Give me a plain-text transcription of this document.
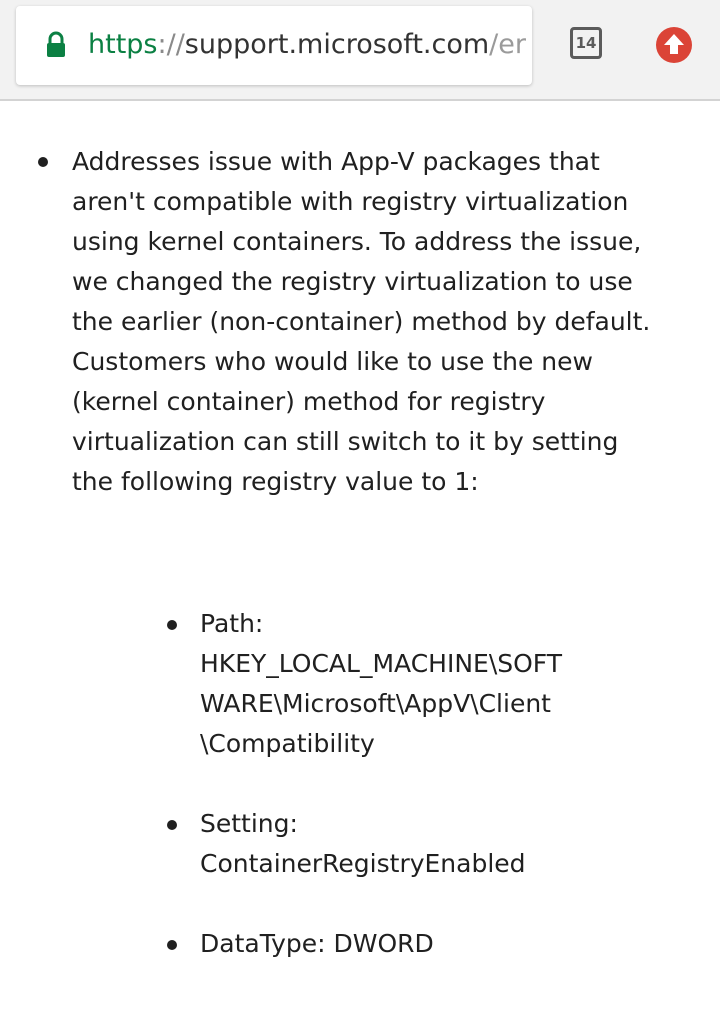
https://support.microsoft.com/er	14
Addresses issue with App-V packages that aren't compatible with registry virtualization using kernel containers. To address the issue, we changed the registry virtualization to use the earlier (non-container) method by default. Customers who would like to use the new (kernel container) method for registry virtualization can still switch to it by setting the following registry value to 1:
Path:
HKEY_LOCAL_MACHINE\SOFT
WARE\Microsoft\AppV\Client
\Compatibility
Setting:
ContainerRegistryEnabled
DataType: DWORD
